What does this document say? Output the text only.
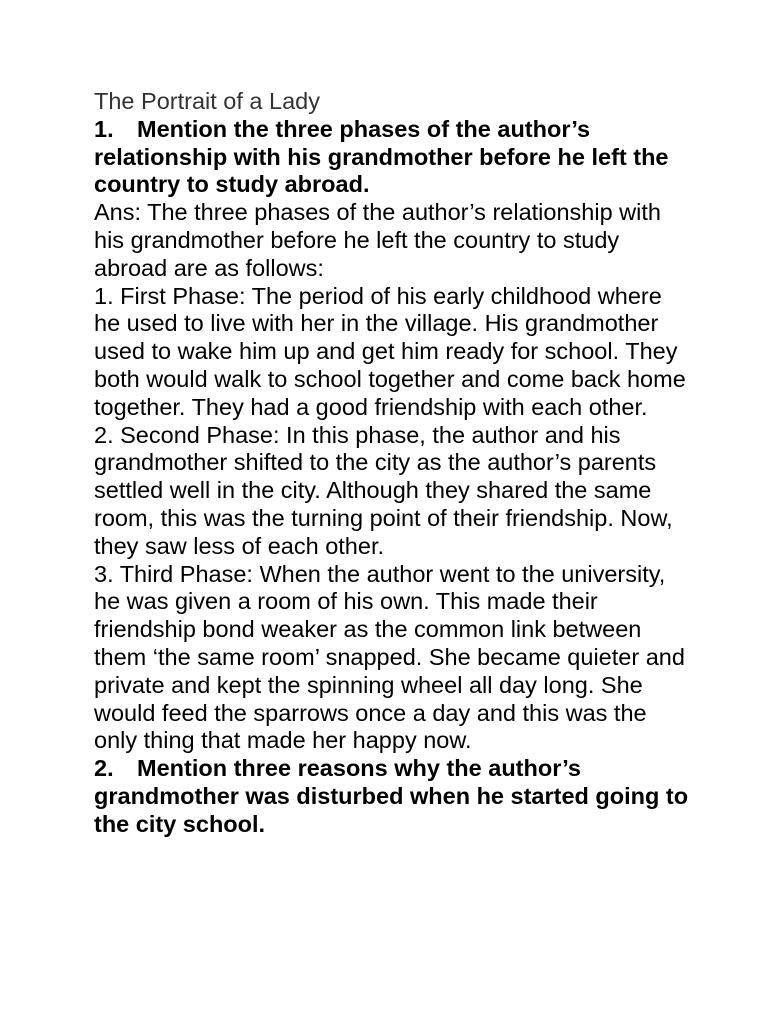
The Portrait of a Lady

1. Mention the three phases of the author’s relationship with his grandmother before he left the country to study abroad.

Ans: The three phases of the author’s relationship with his grandmother before he left the country to study abroad are as follows:

1. First Phase: The period of his early childhood where he used to live with her in the village. His grandmother used to wake him up and get him ready for school. They both would walk to school together and come back home together. They had a good friendship with each other.

2. Second Phase: In this phase, the author and his grandmother shifted to the city as the author’s parents settled well in the city. Although they shared the same room, this was the turning point of their friendship. Now, they saw less of each other.

3. Third Phase: When the author went to the university, he was given a room of his own. This made their friendship bond weaker as the common link between them ‘the same room’ snapped. She became quieter and private and kept the spinning wheel all day long. She would feed the sparrows once a day and this was the only thing that made her happy now.

2. Mention three reasons why the author’s grandmother was disturbed when he started going to the city school.
